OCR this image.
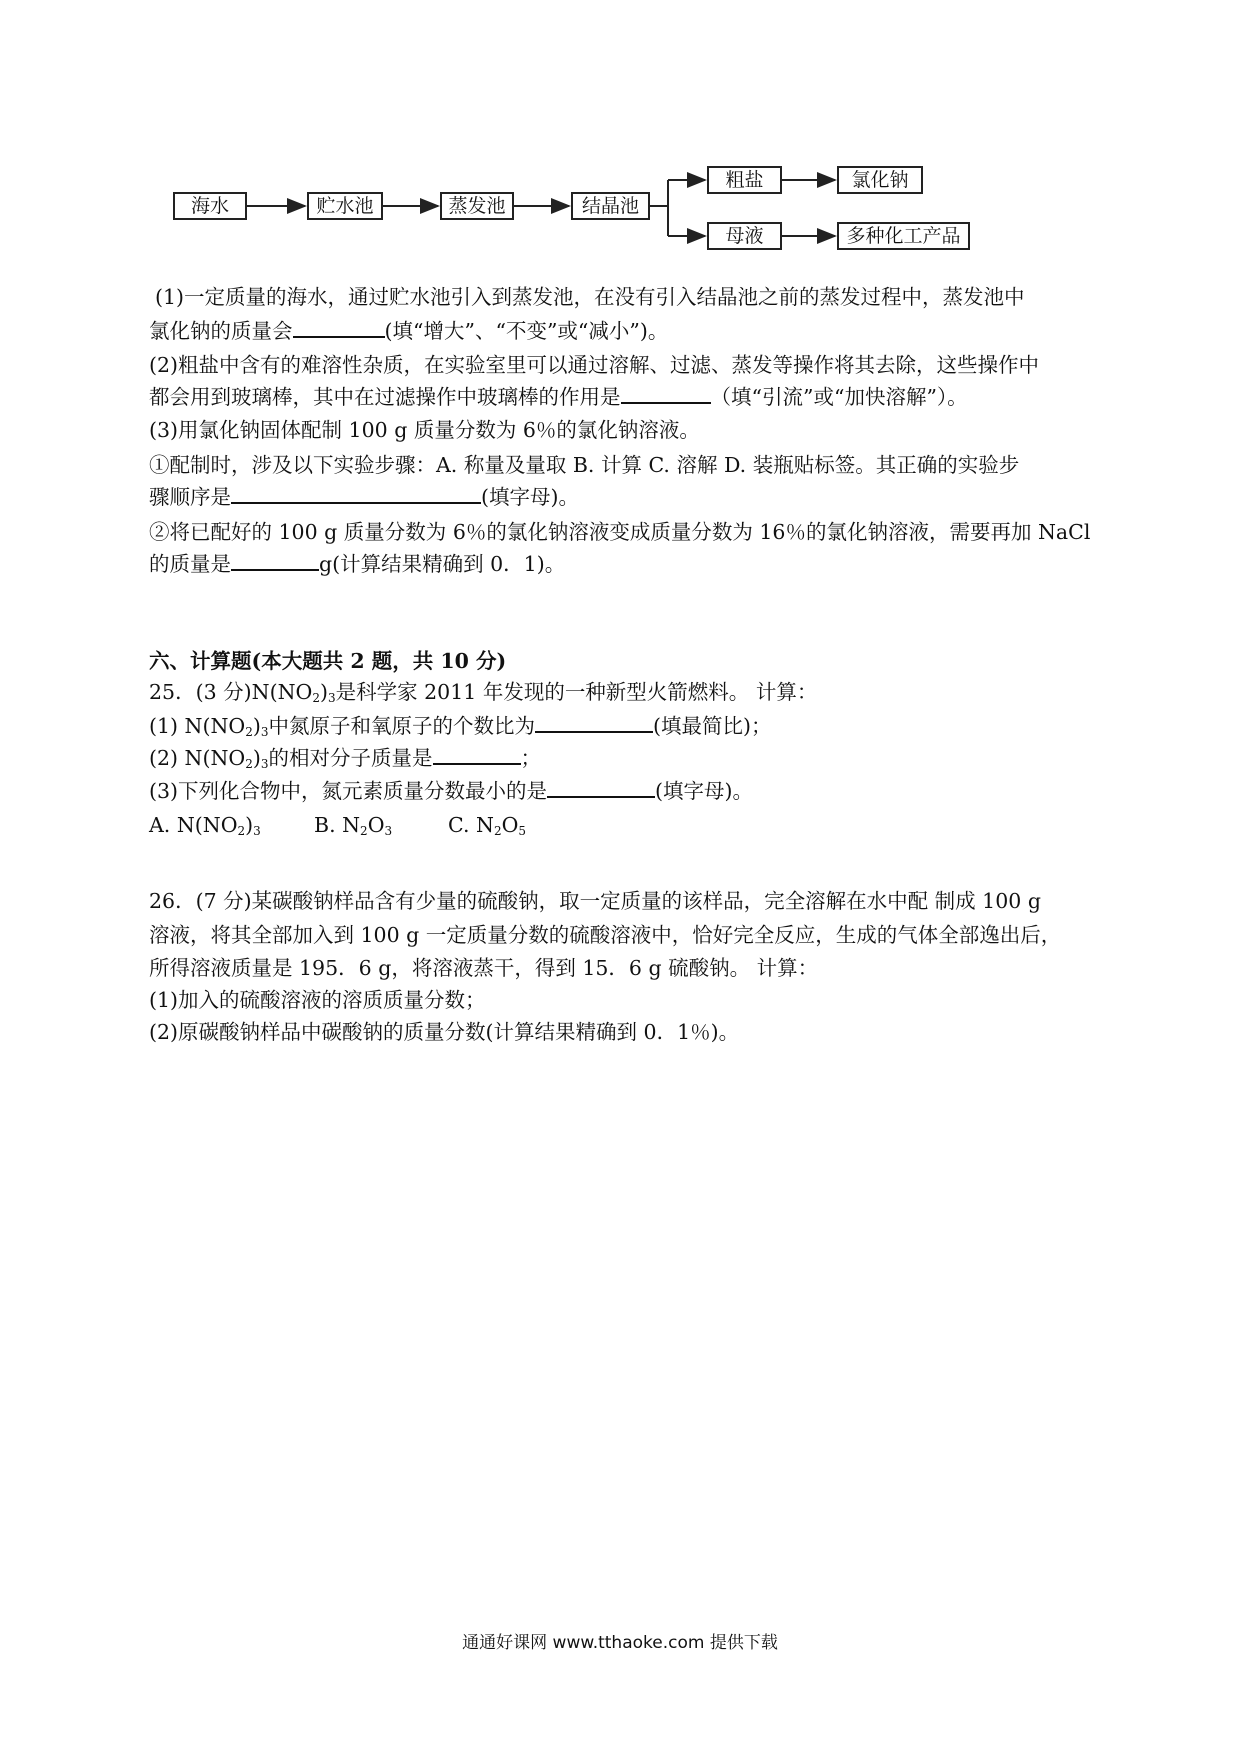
海水	贮水池	蒸发池	结晶池
粗盐	氯化钠
母液	多种化工产品
(1)一定质量的海水，通过贮水池引入到蒸发池，在没有引入结晶池之前的蒸发过程中，蒸发池中
氯化钠的质量会	(填“增大”、“不变”或“减小”)。
(2)粗盐中含有的难溶性杂质，在实验室里可以通过溶解、过滤、蒸发等操作将其去除，这些操作中
都会用到玻璃棒，其中在过滤操作中玻璃棒的作用是	（填“引流”或“加快溶解”）。
(3)用氯化钠固体配制 100 g 质量分数为 6％的氯化钠溶液。
①配制时，涉及以下实验步骤：A. 称量及量取 B. 计算 C. 溶解 D. 装瓶贴标签。其正确的实验步
骤顺序是	(填字母)。
②将已配好的 100 g 质量分数为 6％的氯化钠溶液变成质量分数为 16％的氯化钠溶液，需要再加 NaCl
的质量是	g(计算结果精确到 0．1)。
六、计算题(本大题共 2 题，共 10 分)
25．(3 分)$N(NO_2)_3$是科学家 2011 年发现的一种新型火箭燃料。 计算：
(1) $N(NO_2)_3$中氮原子和氧原子的个数比为	(填最简比)；
(2) $N(NO_2)_3$的相对分子质量是	；
(3)下列化合物中，氮元素质量分数最小的是	(填字母)。
A. $N(NO_2)_3$	B. $N_2O_3$	C. $N_2O_5$
26．(7 分)某碳酸钠样品含有少量的硫酸钠，取一定质量的该样品，完全溶解在水中配 制成 100 g
溶液，将其全部加入到 100 g 一定质量分数的硫酸溶液中，恰好完全反应，生成的气体全部逸出后，
所得溶液质量是 195．6 g，将溶液蒸干，得到 15．6 g 硫酸钠。 计算：
(1)加入的硫酸溶液的溶质质量分数；
(2)原碳酸钠样品中碳酸钠的质量分数(计算结果精确到 0．1％)。
通通好课网 www.tthaoke.com 提供下载
